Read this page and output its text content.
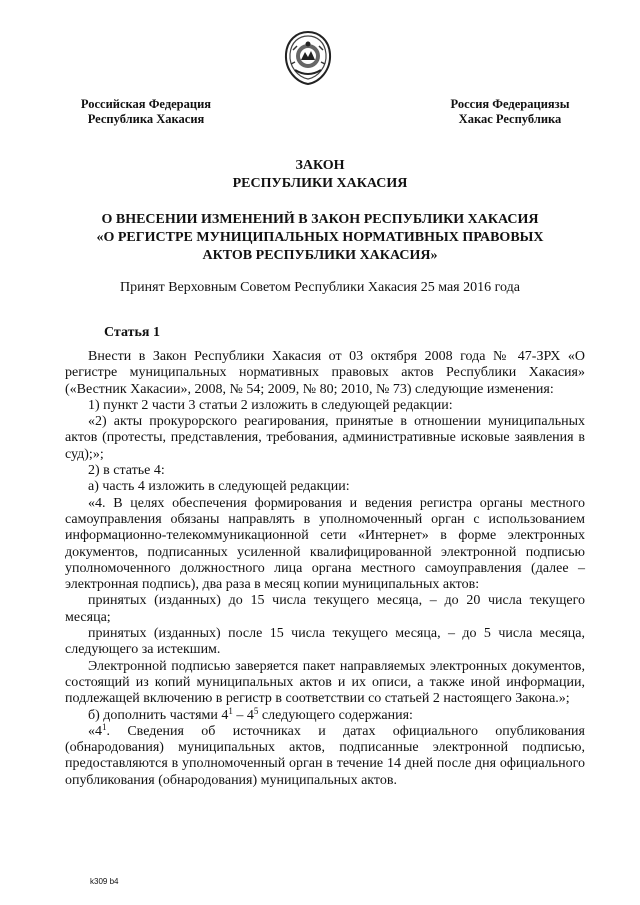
Российская Федерация
Республика Хакасия
Россия Федерациязы
Хакас Республика
ЗАКОН
РЕСПУБЛИКИ ХАКАСИЯ
О ВНЕСЕНИИ ИЗМЕНЕНИЙ В ЗАКОН РЕСПУБЛИКИ ХАКАСИЯ
«О РЕГИСТРЕ МУНИЦИПАЛЬНЫХ НОРМАТИВНЫХ ПРАВОВЫХ
АКТОВ РЕСПУБЛИКИ ХАКАСИЯ»
Принят Верховным Советом Республики Хакасия 25 мая 2016 года
Статья 1

Внести в Закон Республики Хакасия от 03 октября 2008 года № 47-ЗРХ «О регистре муниципальных нормативных правовых актов Республики Хакасия» («Вестник Хакасии», 2008, № 54; 2009, № 80; 2010, № 73) следующие изменения:

1) пункт 2 части 3 статьи 2 изложить в следующей редакции:

«2) акты прокурорского реагирования, принятые в отношении муниципальных актов (протесты, представления, требования, административные исковые заявления в суд);»;

2) в статье 4:

а) часть 4 изложить в следующей редакции:

«4. В целях обеспечения формирования и ведения регистра органы местного самоуправления обязаны направлять в уполномоченный орган с использованием информационно-телекоммуникационной сети «Интернет» в форме электронных документов, подписанных усиленной квалифицированной электронной подписью уполномоченного должностного лица органа местного самоуправления (далее – электронная подпись), два раза в месяц копии муниципальных актов:

принятых (изданных) до 15 числа текущего месяца, – до 20 числа текущего месяца;

принятых (изданных) после 15 числа текущего месяца, – до 5 числа месяца, следующего за истекшим.

Электронной подписью заверяется пакет направляемых электронных документов, состоящий из копий муниципальных актов и их описи, а также иной информации, подлежащей включению в регистр в соответствии со статьей 2 настоящего Закона.»;

б) дополнить частями $4^1 - 4^5$ следующего содержания:

«$4^1$. Сведения об источниках и датах официального опубликования (обнародования) муниципальных актов, подписанные электронной подписью, предоставляются в уполномоченный орган в течение 14 дней после дня официального опубликования (обнародования) муниципальных актов.

k309 b4
